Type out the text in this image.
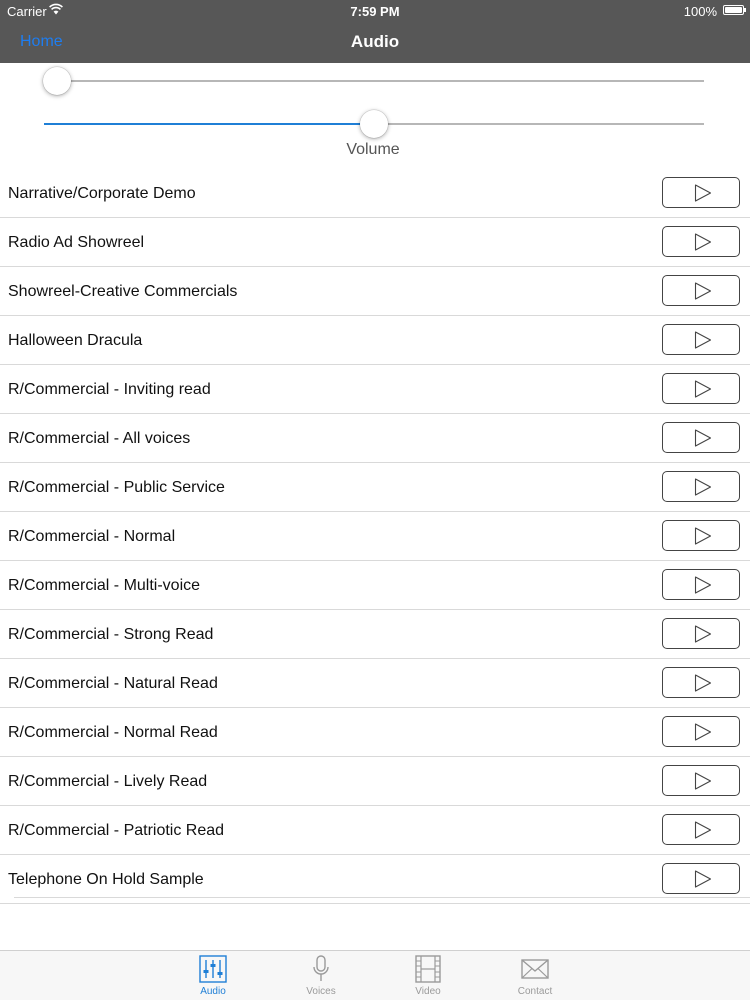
Carrier	7:59 PM	100%
Home	Audio
Volume
Narrative/Corporate Demo
Radio Ad Showreel
Showreel-Creative Commercials
Halloween Dracula
R/Commercial - Inviting read
R/Commercial - All voices
R/Commercial - Public Service
R/Commercial - Normal
R/Commercial - Multi-voice
R/Commercial - Strong Read
R/Commercial - Natural Read
R/Commercial - Normal Read
R/Commercial - Lively Read
R/Commercial - Patriotic Read
Telephone On Hold Sample
Audio	Voices	Video	Contact
